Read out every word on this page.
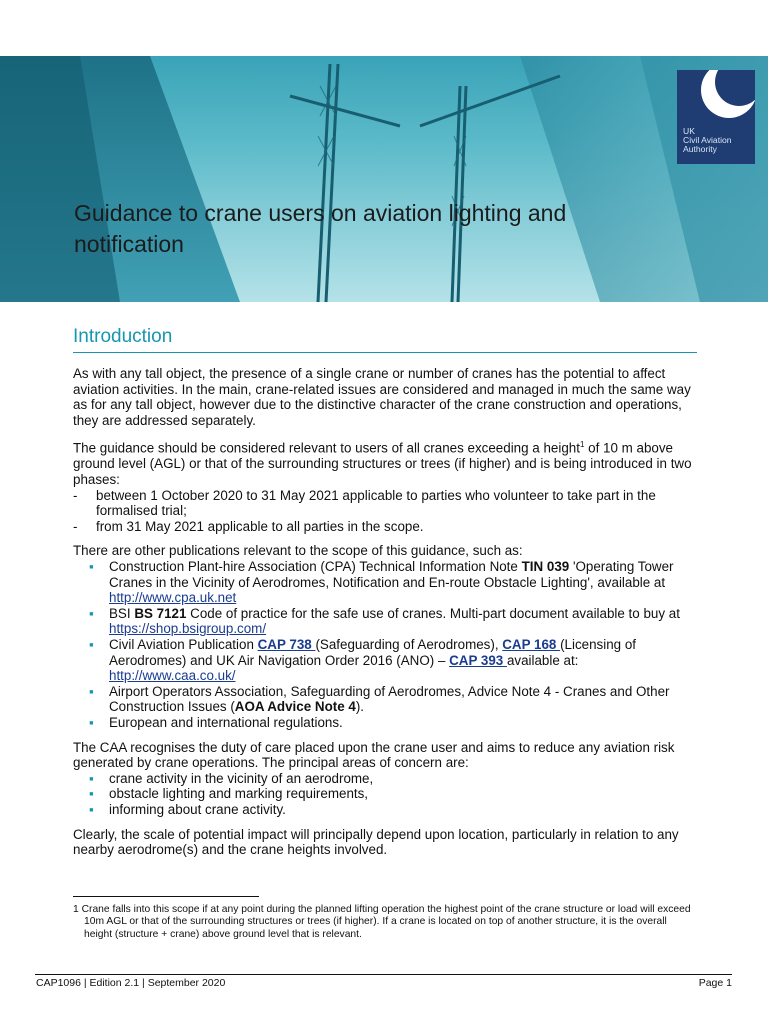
UK
Civil Aviation
Authority
Guidance to crane users on aviation lighting and notification
Introduction

As with any tall object, the presence of a single crane or number of cranes has the potential to affect aviation activities. In the main, crane-related issues are considered and managed in much the same way as for any tall object, however due to the distinctive character of the crane construction and operations, they are addressed separately.

The guidance should be considered relevant to users of all cranes exceeding a height$^1$ of 10 m above ground level (AGL) or that of the surrounding structures or trees (if higher) and is being introduced in two phases:

- between 1 October 2020 to 31 May 2021 applicable to parties who volunteer to take part in the formalised trial;
- from 31 May 2021 applicable to all parties in the scope.

There are other publications relevant to the scope of this guidance, such as:

▪ Construction Plant-hire Association (CPA) Technical Information Note TIN 039 'Operating Tower Cranes in the Vicinity of Aerodromes, Notification and En-route Obstacle Lighting', available at http://www.cpa.uk.net
▪ BSI BS 7121 Code of practice for the safe use of cranes. Multi-part document available to buy at https://shop.bsigroup.com/
▪ Civil Aviation Publication CAP 738 (Safeguarding of Aerodromes), CAP 168 (Licensing of Aerodromes) and UK Air Navigation Order 2016 (ANO) – CAP 393 available at: http://www.caa.co.uk/
▪ Airport Operators Association, Safeguarding of Aerodromes, Advice Note 4 - Cranes and Other Construction Issues (AOA Advice Note 4).
▪ European and international regulations.

The CAA recognises the duty of care placed upon the crane user and aims to reduce any aviation risk generated by crane operations. The principal areas of concern are:

▪ crane activity in the vicinity of an aerodrome,
▪ obstacle lighting and marking requirements,
▪ informing about crane activity.

Clearly, the scale of potential impact will principally depend upon location, particularly in relation to any nearby aerodrome(s) and the crane heights involved.

1 Crane falls into this scope if at any point during the planned lifting operation the highest point of the crane structure or load will exceed 10m AGL or that of the surrounding structures or trees (if higher). If a crane is located on top of another structure, it is the overall height (structure + crane) above ground level that is relevant.
CAP1096 | Edition 2.1 | September 2020	Page 1
